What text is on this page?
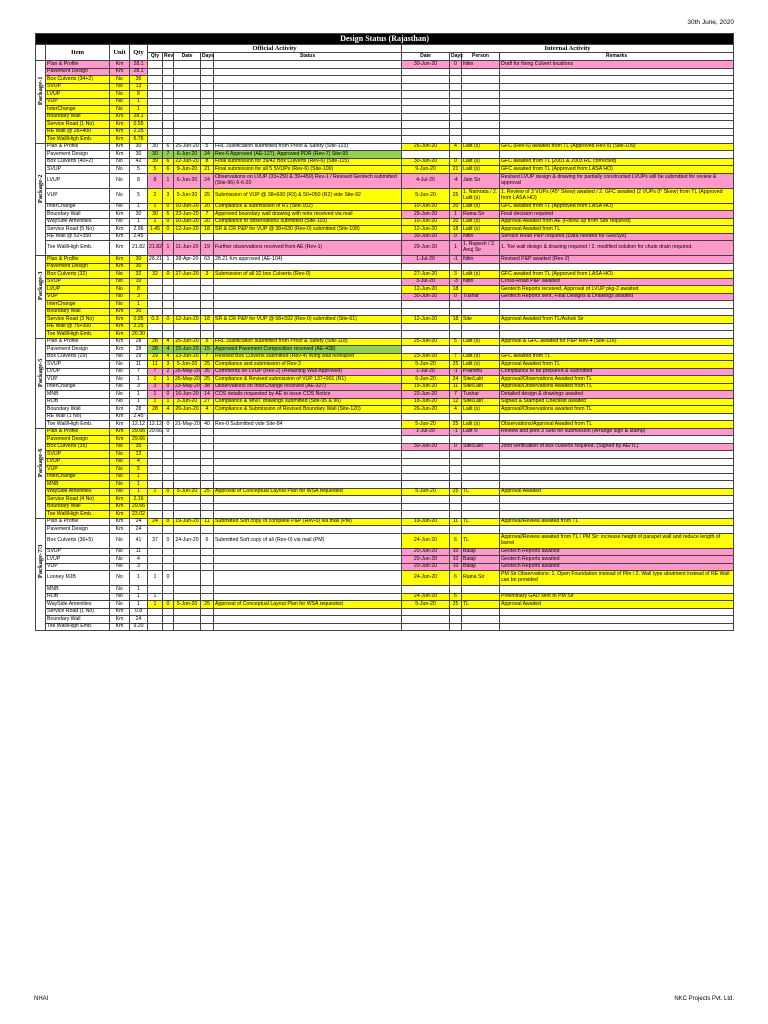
30th June, 2020
Design Status (Rajasthan)												
	Item	Unit	Qty	Official Activity					Internal Activity			
				Qty	Rev	Date	Days	Status	Date	Days	Person	Remarks

Package-1	Plan & Profile	Km	28.1						30-Jun-20	0	Nitin	Draft for fixing Culvert locations
	Pavement Design	Km	28.1									
	Box Culverts (34+2)	No	36									
	SVUP	No	13									
	LVUP	No	8									
	VUP	No	1									
	InterChange	No	1									
	Boundary Wall	Km	28.1									
	Service Road (1 No)	Km	0.55									
	RE Wall @ 26+400	Km	2.25									
	Toe Wall/High Emb.	Km	6.76									

Package-2	Plan & Profile	Km	30	30	6	25-Jun-20	5	FRL Justification submitted from Proof & Safety (Site-123)	26-Jun-20	4	Lalit (s)	GFC (Rev-6) awaited from TL (Approved Rev-5) (Site-109)
	Pavement Design	Km	30	30	7	6-Jun-20	24	Rev-6 Approved (AE-127), Approved PDR (Rev-7) Site-95				
	Box Culverts (40+2)	No	42	39	6	22-Jun-20	8	Final submission for 39/42 Box Culverts (Rev-6) (Site-115)	30-Jun-20	0	Lalit (s)	GFC awaited from TL [2001 & 2003 RC corrected]
	SVUP	No	5	5	6	9-Jun-20	21	Final submission for all 5 SVUPs (Rev-6) (Site-100)	9-Jun-20	21	Lalit (s)	GFC awaited from TL (Approved from LASA HO)
	LVUP	No	8	8	1	6-Jun-20	24	Observations on LVUP (33+250 & 39+450) Rev-1 / Revised Geotech submitted (Site-96) 6-6-20	4-Jul-20	-4	Jain Sir	Revised LVUP design & drawing for partially constructed LVUPs will be submitted for review & approval
	VUP	No	5	2	3	5-Jun-20	25	Submission of VUP @ 38+630 (R3) & 50+050 (R2) vide Site-92	5-Jun-20	25	1. Namrata / 2. Lalit (s)	1. Review of 3 VUPs (45° Skew) awaited / 2. GFC awaited (2 VUPs 0° Skew) from TL (Approved from LASA HO)
	InterChange	No	1	1	0	10-Jun-20	20	Compliance & submission of R1 (Site-102)	10-Jun-20	20	Lalit (s)	GFC awaited from TL (Approved from LASA HO)
	Boundary Wall	Km	30	30	5	23-Jun-20	7	Approved boundary wall drawing with note received via mail	29-Jun-20	1	Raina Sir	Final decision required
	WaySide Amenities	No	1	1	0	10-Jun-20	20	Compliance to observations submitted (Site-103)	10-Jun-20	20	Lalit (s)	Approval Awaited from AE (Follow up from Site required)
	Service Road (5 No)	Km	2.96	1.45	0	12-Jun-20	18	SR & CR P&P for VUP @ 38+630 (Rev-0) submitted (Site-108)	12-Jun-20	18	Lalit (s)	Approval Awaited from TL
	RE Wall @ 52+350	Km	2.45						30-Jun-20	0	Nitin	Service Road P&P required (Data needed for GeoSys)
	Toe Wall/High Emb.	Km	21.82	21.82	1	11-Jun-20	19	Further observations received from AE (Rev-1)	29-Jun-20	1	1. Rupesh / 2. Anuj Sir	1. Toe wall design & drawing required / 2. modified solution for chute drain required.

Package-3	Plan & Profile	Km	30	28.21	1	28-Apr-20	63	28.21 Km approved (AE-104)	1-Jul-20	-1	Nitin	Revised P&P awaited (Rev-2)
	Pavement Design	Km	30									
	Box Culverts (32)	No	32	32	0	27-Jun-20	3	Submission of all 32 box Culverts (Rev-0)	27-Jun-20	3	Lalit (s)	GFC awaited from TL (Approved from LASA HO)
	SVUP	No	10						3-Jul-20	-3	Nitin	Cross-Road P&P awaited
	LVUP	No	8						12-Jun-20	18		Geotech Reports received, Approval of LVUP pkg-2 awaited
	VUP	No	3						30-Jun-20	0	Tushar	Geotech Reports sent, Final Designs & Drawings awaited
	InterChange	No	1									
	Boundary Wall	Km	30									
	Service Road (3 No)	Km	0.95	0.3	0	12-Jun-20	18	SR & CR P&P for VUP @ 68+592 (Rev-0) submitted (Site-61)	12-Jun-20	18	Site	Approval Awaited from TL/Ashok Sir
	RE Wall @ 75+300	Km	2.25									
	Toe Wall/High Emb.	Km	20.30									

Package-5	Plan & Profile	Km	28	28	4	25-Jun-20	5	FRL Justification submitted from Proof & Safety (Site-118)	25-Jun-20	5	Lalit (s)	Approval & GFC awaited for P&P Rev-4 (Site-116)
	Pavement Design	Km	28	28	4	15-Jun-20	15	Approved Pavement Composition received (AE-438)				
	Box Culverts (29)	No	29	29	4	23-Jun-20	7	Revised Box Culverts submitted (Rev-4) Wing wall reshaped	23-Jun-20	7	Lalit (s)	GFC awaited from TL
	SVUP	No	11	11	3	5-Jun-20	25	Compliance and submission of Rev-3	5-Jun-20	25	Lalit (s)	Approval Awaited from TL
	LVUP	No	7	7	2	26-May-20	35	Comments on LVUP (Rev-2) (Retaining Wall Approved)	1-Jul-20	-1	Pranshu	Compliance to be prepared & submitted
	VUP	No	1	1	1	26-May-20	25	Compliance & Revised submission of VUP 137+901 (R1)	6-Jun-20	24	Site/Lalit	Approval/Observations Awaited from TL
	InterChange	No	3	3	0	23-May-20	38	Observations on InterChange received (AE-327)	19-Jun-20	11	Site/Lalit	Approval/Observations Awaited from TL
	MNB	No	1	1	0	16-Jun-20	14	COS details requested by AE to issue COS Notice	23-Jun-20	7	Tushar	Detailed design & drawings awaited
	ROB	No	1	1	1	3-Jun-20	27	Compliance & MNIT drawings submitted (Site-95 & 96)	18-Jun-20	12	Site/Lalit	Signed & Stamped Checklist awaited
	Boundary Wall	Km	28	28	4	26-Jun-20	4	Compliance & Submission of Revised Boundary Wall (Site-120)	26-Jun-20	4	Lalit (s)	Approval/Observations awaited from TL
	RE Wall (1 No)	Km	2.45									
	Toe Wall/High Emb.	Km	12.12	12.12	0	21-May-20	40	Rev-0 Submitted vide Site-84	5-Jun-20	25	Lalit (s)	Observations/Approval Awaited from TL

Package-6	Plan & Profile	Km	29.66	29.66	0				1-Jul-20	-1	Lalit ©	Review and print 3 Sets for submission (Arrange sign & stamp)
	Pavement Design	Km	29.66									
	Box Culverts (35)	No	35						30-Jun-20	0	Site/Lalit	Joint verification of box culverts required. (Signed by AE/TL)
	SVUP	No	12									
	LVUP	No	4									
	VUP	No	5									
	InterChange	No	1									
	MNB	No	1									
	WaySide Amenities	No	1	1	0	5-Jun-20	25	Approval of Conceptual Layout Plan for WSA requested	5-Jun-20	25	TL	Approval Awaited
	Service Road (4 No)	Km	2.16									
	Boundary Wall	Km	29.66									
	Toe Wall/High Emb.	Km	23.02									

Package-7/3	Plan & Profile	Km	24	24	0	19-Jun-20	11	Submitted Soft copy of complete P&P (Rev-0) via mail (PM)	19-Jun-20	11	TL	Approval/Review awaited from TL
	Pavement Design	Km	24									
	Box Culverts (36+5)	No	41	37	0	24-Jun-20	6	Submitted Soft copy of all (Rev-0) via mail (PM)	24-Jun-20	6	TL	Approval/Review awaited from TL / PM Sir: increase height of parapet wall and reduce length of barrel
	SVUP	No	11						20-Jun-20	10	Balaji	Geotech Reports awaited
	LVUP	No	4						20-Jun-20	10	Balaji	Geotech Reports awaited
	VUP	No	3						20-Jun-20	10	Balaji	Geotech Reports awaited
	Looney MJB	No	1	1	0				24-Jun-20	6	Raina Sir	PM Sir Observations: 1. Open Foundation instead of Pile / 2. Wall type abutment instead of RE Wall can be provided
	MNB	No	1									
	ROB	No	1	1					24-Jun-20	6		Preliminary GAD sent to PM Sir
	WaySide Amenities	No	1	1	0	5-Jun-20	25	Approval of Conceptual Layout Plan for WSA requested	5-Jun-20	25	TL	Approval Awaited
	Service Road (1 No)	Km	0.8									
	Boundary Wall	Km	24									
	Toe Wall/High Emb.	Km	9.20									
NHAI	NKC Projects Pvt. Ltd.
